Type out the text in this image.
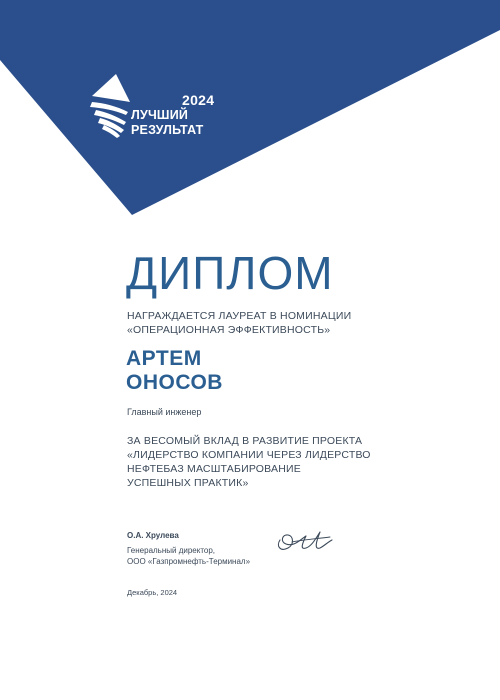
2024
ЛУЧШИЙ
РЕЗУЛЬТАТ
ДИПЛОМ
НАГРАЖДАЕТСЯ ЛАУРЕАТ В НОМИНАЦИИ
«ОПЕРАЦИОННАЯ ЭФФЕКТИВНОСТЬ»
АРТЕМ
ОНОСОВ
Главный инженер
ЗА ВЕСОМЫЙ ВКЛАД В РАЗВИТИЕ ПРОЕКТА
«ЛИДЕРСТВО КОМПАНИИ ЧЕРЕЗ ЛИДЕРСТВО
НЕФТЕБАЗ МАСШТАБИРОВАНИЕ
УСПЕШНЫХ ПРАКТИК»
О.А. Хрулева
Генеральный директор,
ООО «Газпромнефть-Терминал»
Декабрь, 2024
